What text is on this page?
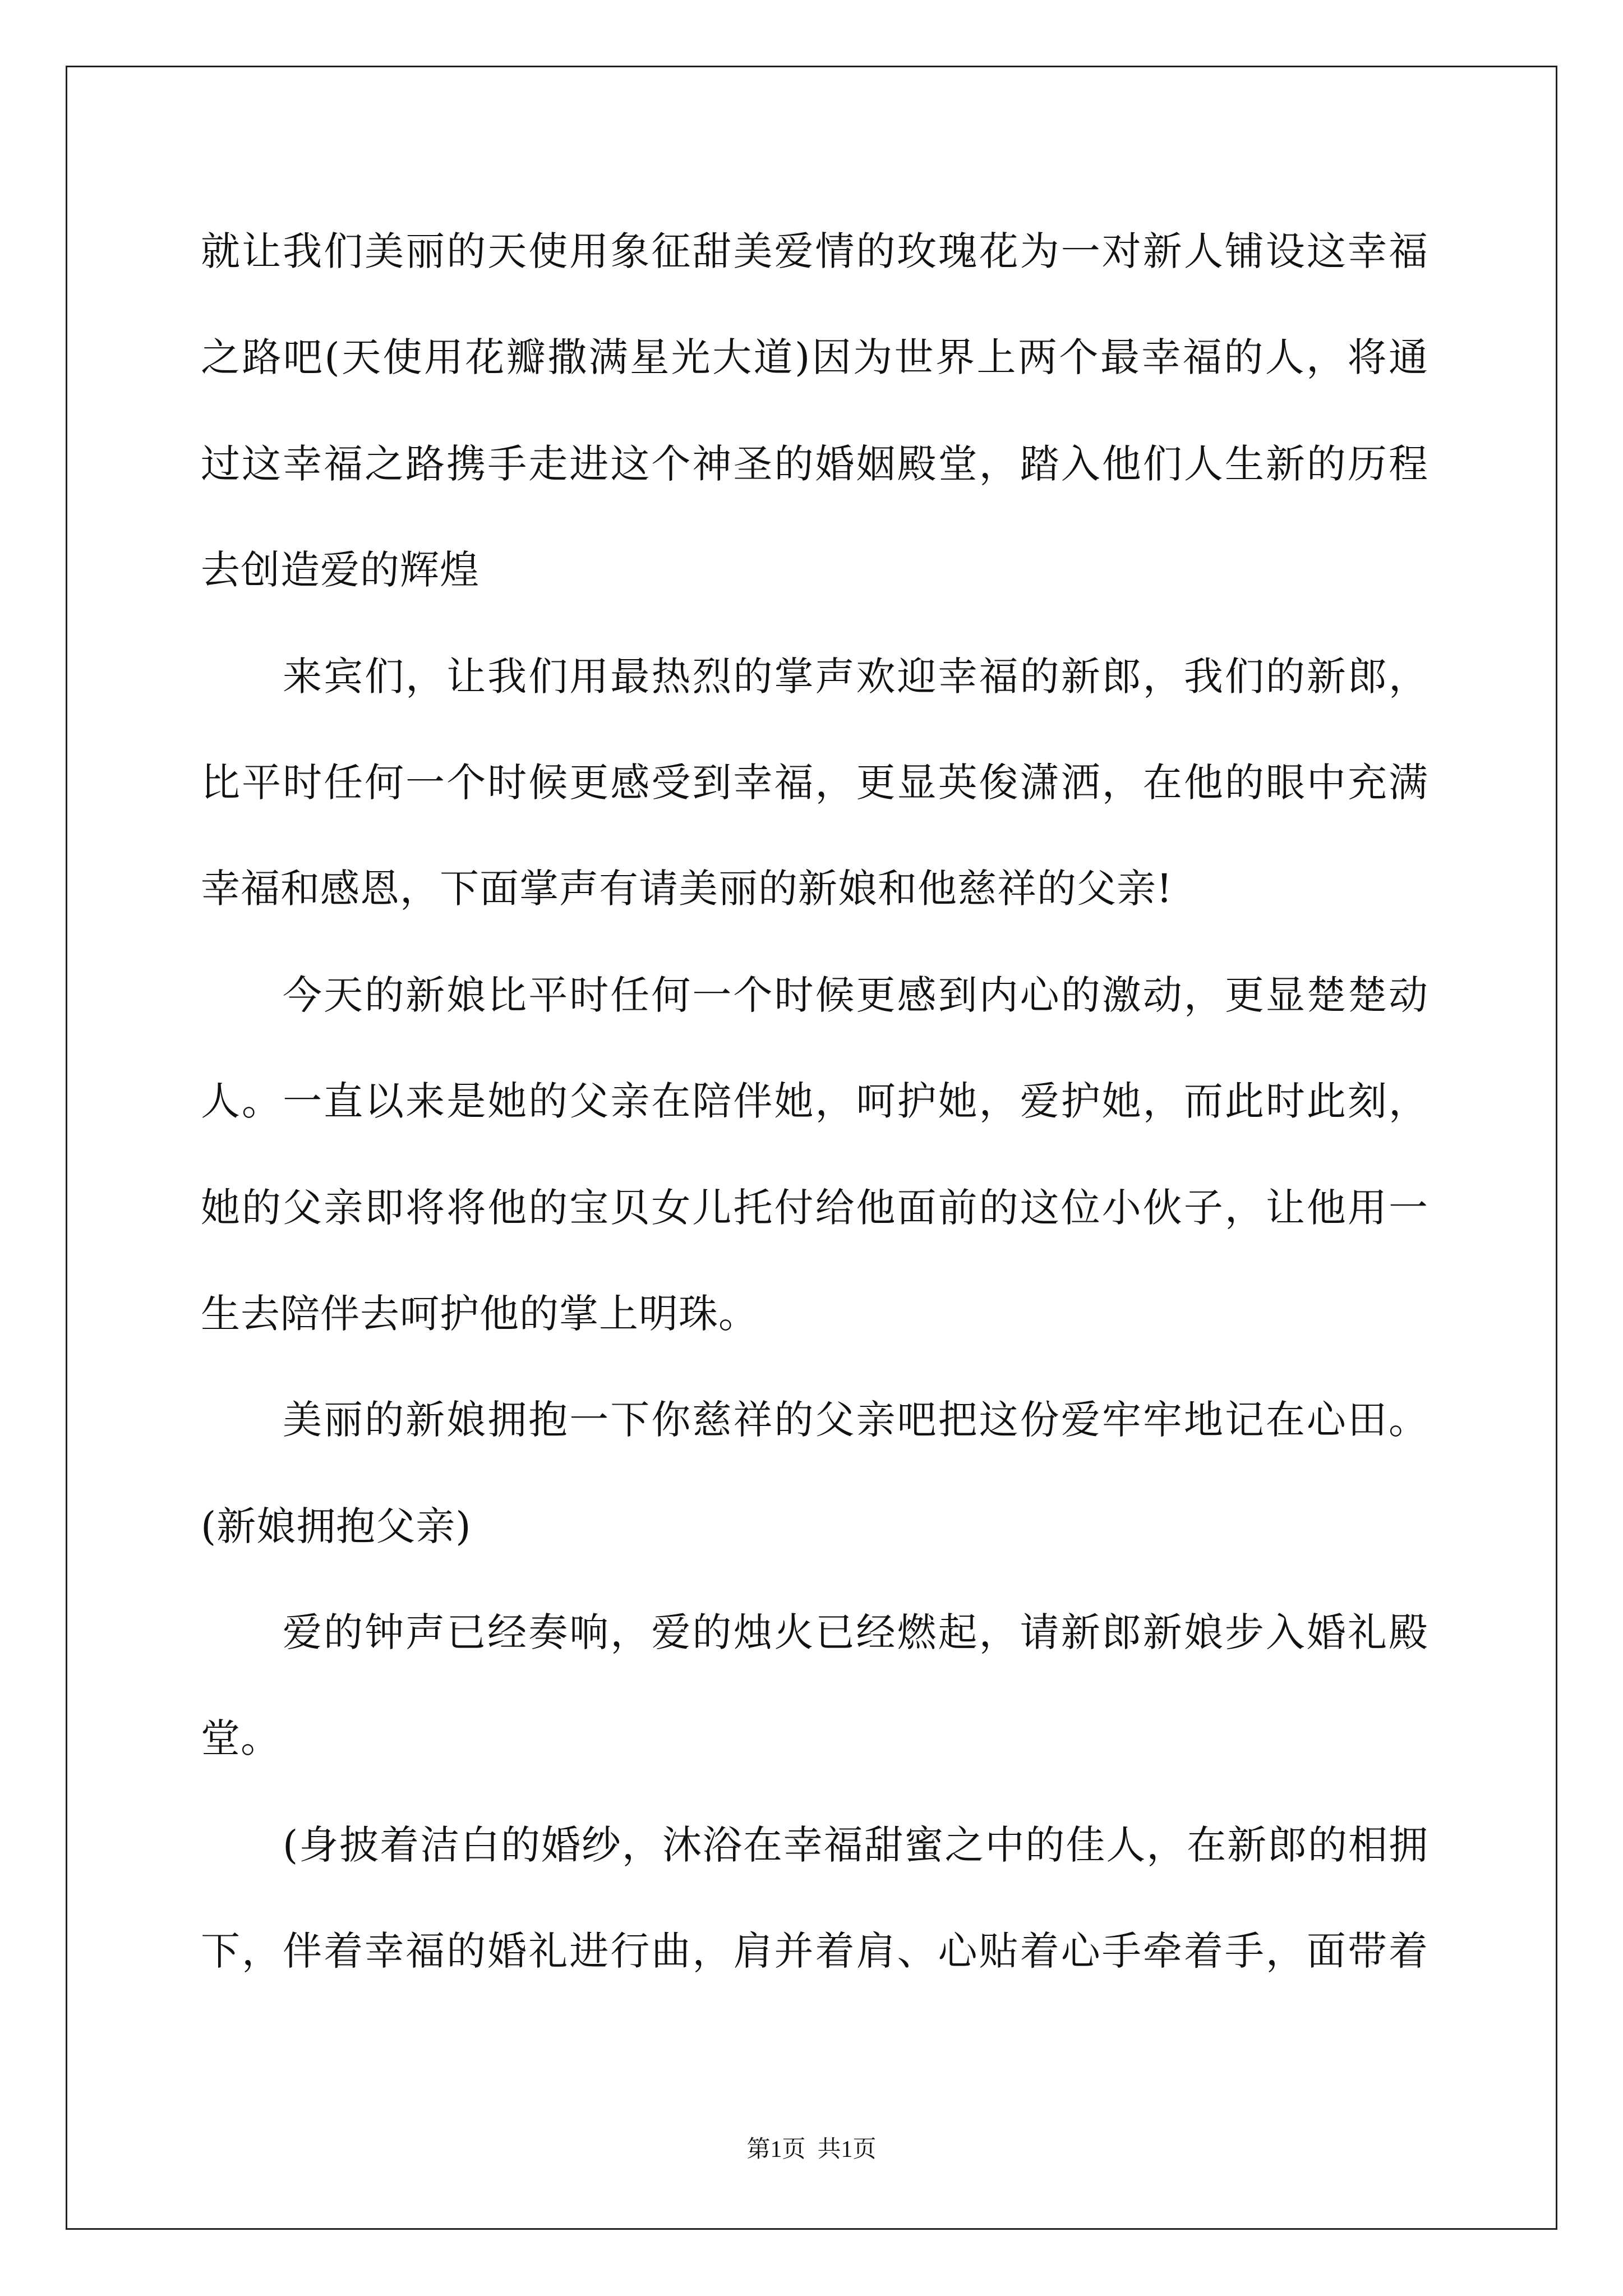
就让我们美丽的天使用象征甜美爱情的玫瑰花为一对新人铺设这幸福
之路吧(天使用花瓣撒满星光大道)因为世界上两个最幸福的人，将通
过这幸福之路携手走进这个神圣的婚姻殿堂，踏入他们人生新的历程
去创造爱的辉煌
来宾们，让我们用最热烈的掌声欢迎幸福的新郎，我们的新郎，
比平时任何一个时候更感受到幸福，更显英俊潇洒，在他的眼中充满
幸福和感恩，下面掌声有请美丽的新娘和他慈祥的父亲!
今天的新娘比平时任何一个时候更感到内心的激动，更显楚楚动
人。一直以来是她的父亲在陪伴她，呵护她，爱护她，而此时此刻，
她的父亲即将将他的宝贝女儿托付给他面前的这位小伙子，让他用一
生去陪伴去呵护他的掌上明珠。
美丽的新娘拥抱一下你慈祥的父亲吧把这份爱牢牢地记在心田。
(新娘拥抱父亲)
爱的钟声已经奏响，爱的烛火已经燃起，请新郎新娘步入婚礼殿
堂。
(身披着洁白的婚纱，沐浴在幸福甜蜜之中的佳人，在新郎的相拥
下，伴着幸福的婚礼进行曲，肩并着肩、心贴着心手牵着手，面带着
第1页  共1页
